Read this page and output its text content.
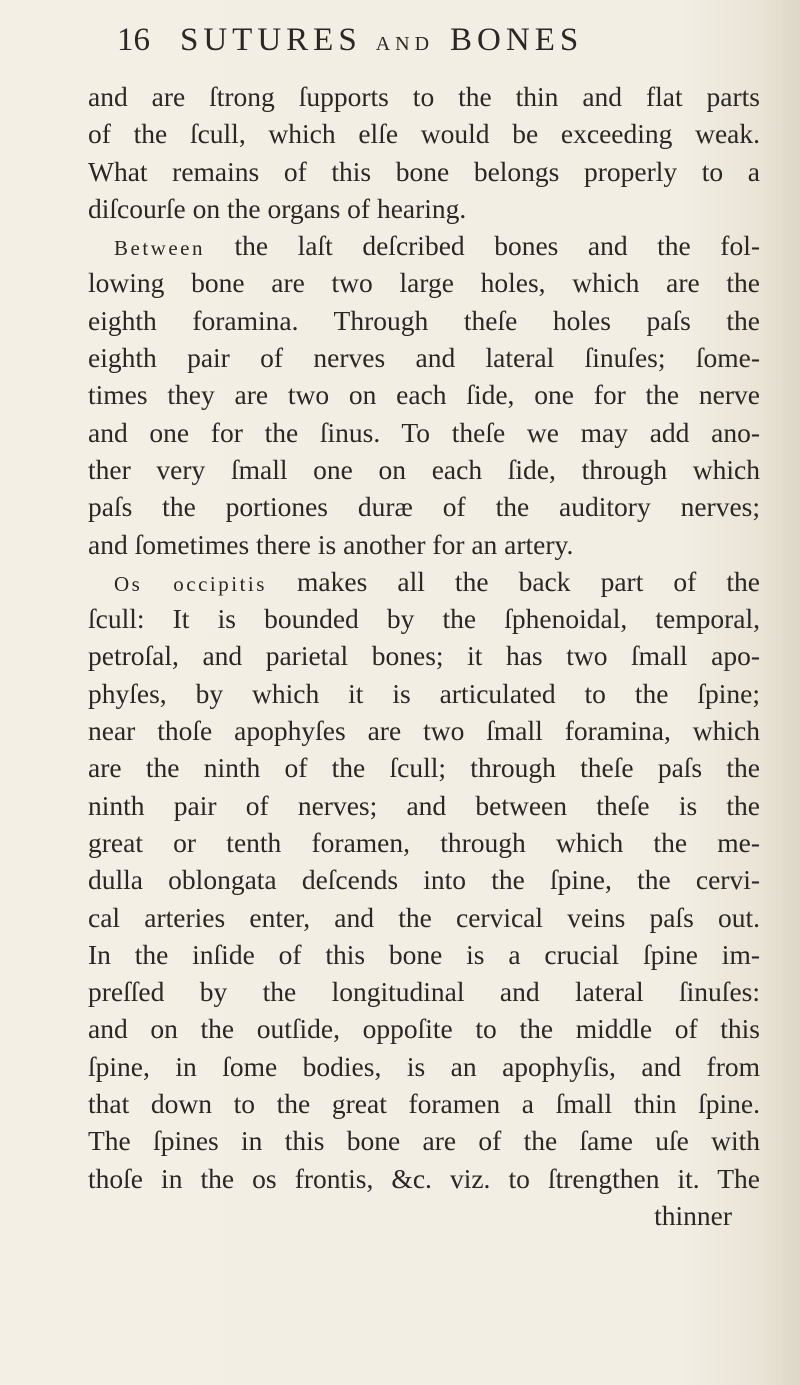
16 SUTURES AND BONES
and are ſtrong ſupports to the thin and flat parts
of the ſcull, which elſe would be exceeding weak.
What remains of this bone belongs properly to a
diſcourſe on the organs of hearing.
Between the laſt deſcribed bones and the fol-
lowing bone are two large holes, which are the
eighth foramina. Through theſe holes paſs the
eighth pair of nerves and lateral ſinuſes; ſome-
times they are two on each ſide, one for the nerve
and one for the ſinus. To theſe we may add ano-
ther very ſmall one on each ſide, through which
paſs the portiones duræ of the auditory nerves;
and ſometimes there is another for an artery.
Os occipitis makes all the back part of the
ſcull: It is bounded by the ſphenoidal, temporal,
petroſal, and parietal bones; it has two ſmall apo-
phyſes, by which it is articulated to the ſpine;
near thoſe apophyſes are two ſmall foramina, which
are the ninth of the ſcull; through theſe paſs the
ninth pair of nerves; and between theſe is the
great or tenth foramen, through which the me-
dulla oblongata deſcends into the ſpine, the cervi-
cal arteries enter, and the cervical veins paſs out.
In the inſide of this bone is a crucial ſpine im-
preſſed by the longitudinal and lateral ſinuſes:
and on the outſide, oppoſite to the middle of this
ſpine, in ſome bodies, is an apophyſis, and from
that down to the great foramen a ſmall thin ſpine.
The ſpines in this bone are of the ſame uſe with
thoſe in the os frontis, &c. viz. to ſtrengthen it. The
thinner
